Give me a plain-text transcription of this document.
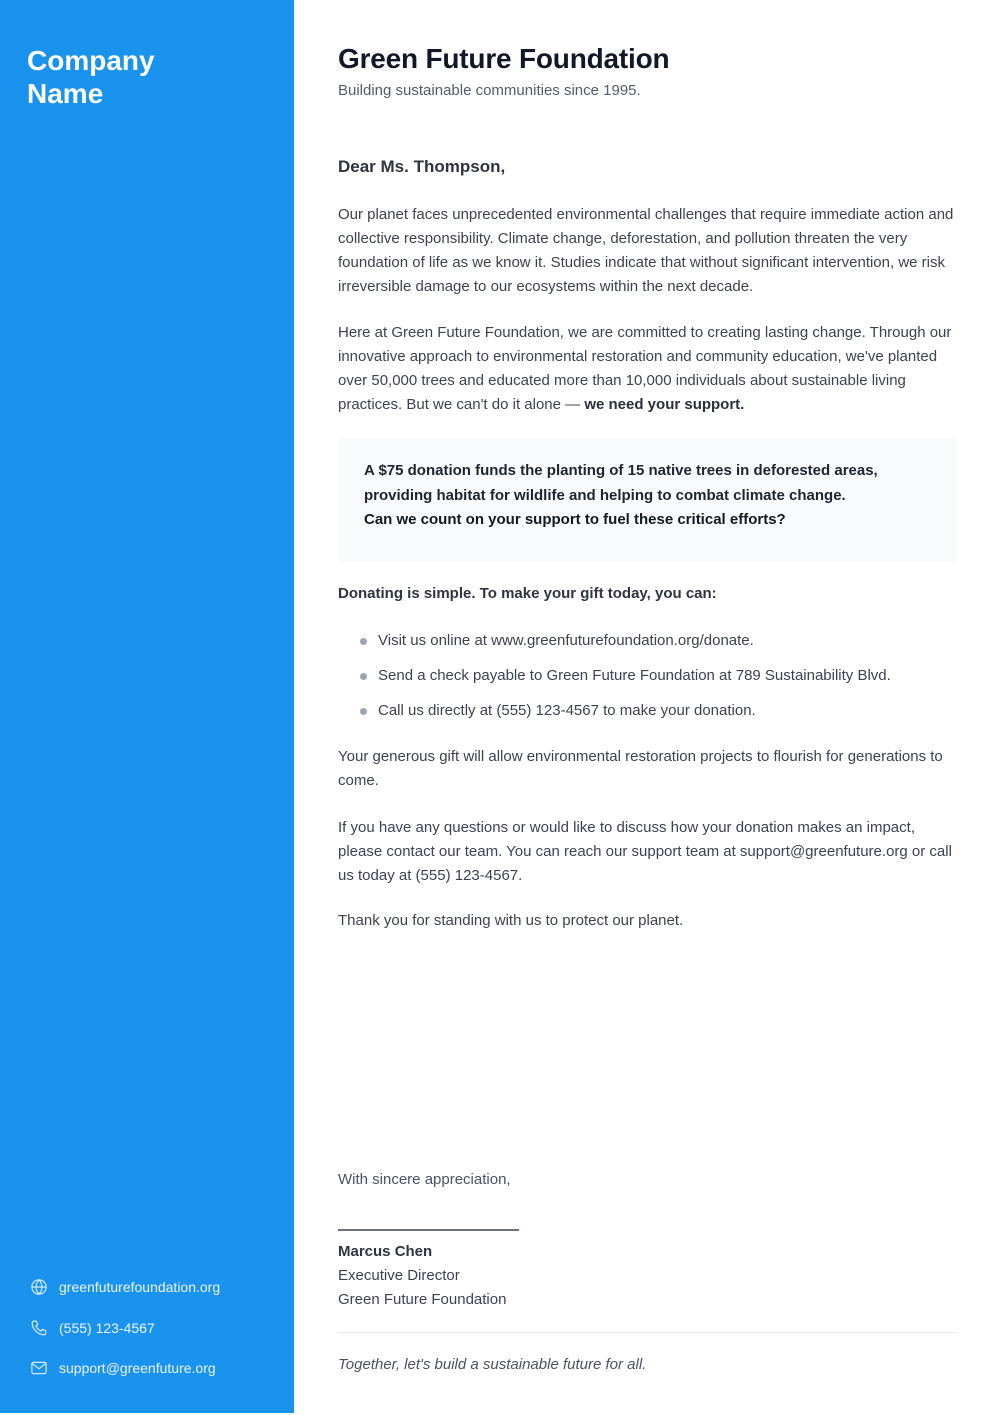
Company Name
greenfuturefoundation.org
(555) 123-4567
support@greenfuture.org
Green Future Foundation
Building sustainable communities since 1995.
Dear Ms. Thompson,
Our planet faces unprecedented environmental challenges that require immediate action and collective responsibility. Climate change, deforestation, and pollution threaten the very foundation of life as we know it. Studies indicate that without significant intervention, we risk irreversible damage to our ecosystems within the next decade.
Here at Green Future Foundation, we are committed to creating lasting change. Through our innovative approach to environmental restoration and community education, we've planted over 50,000 trees and educated more than 10,000 individuals about sustainable living practices. But we can't do it alone — we need your support.
A $75 donation funds the planting of 15 native trees in deforested areas, providing habitat for wildlife and helping to combat climate change.
Can we count on your support to fuel these critical efforts?
Donating is simple. To make your gift today, you can:
Visit us online at www.greenfuturefoundation.org/donate.
Send a check payable to Green Future Foundation at 789 Sustainability Blvd.
Call us directly at (555) 123-4567 to make your donation.
Your generous gift will allow environmental restoration projects to flourish for generations to come.
If you have any questions or would like to discuss how your donation makes an impact, please contact our team. You can reach our support team at support@greenfuture.org or call us today at (555) 123-4567.
Thank you for standing with us to protect our planet.
With sincere appreciation,
Marcus Chen
Executive Director
Green Future Foundation
Together, let's build a sustainable future for all.
